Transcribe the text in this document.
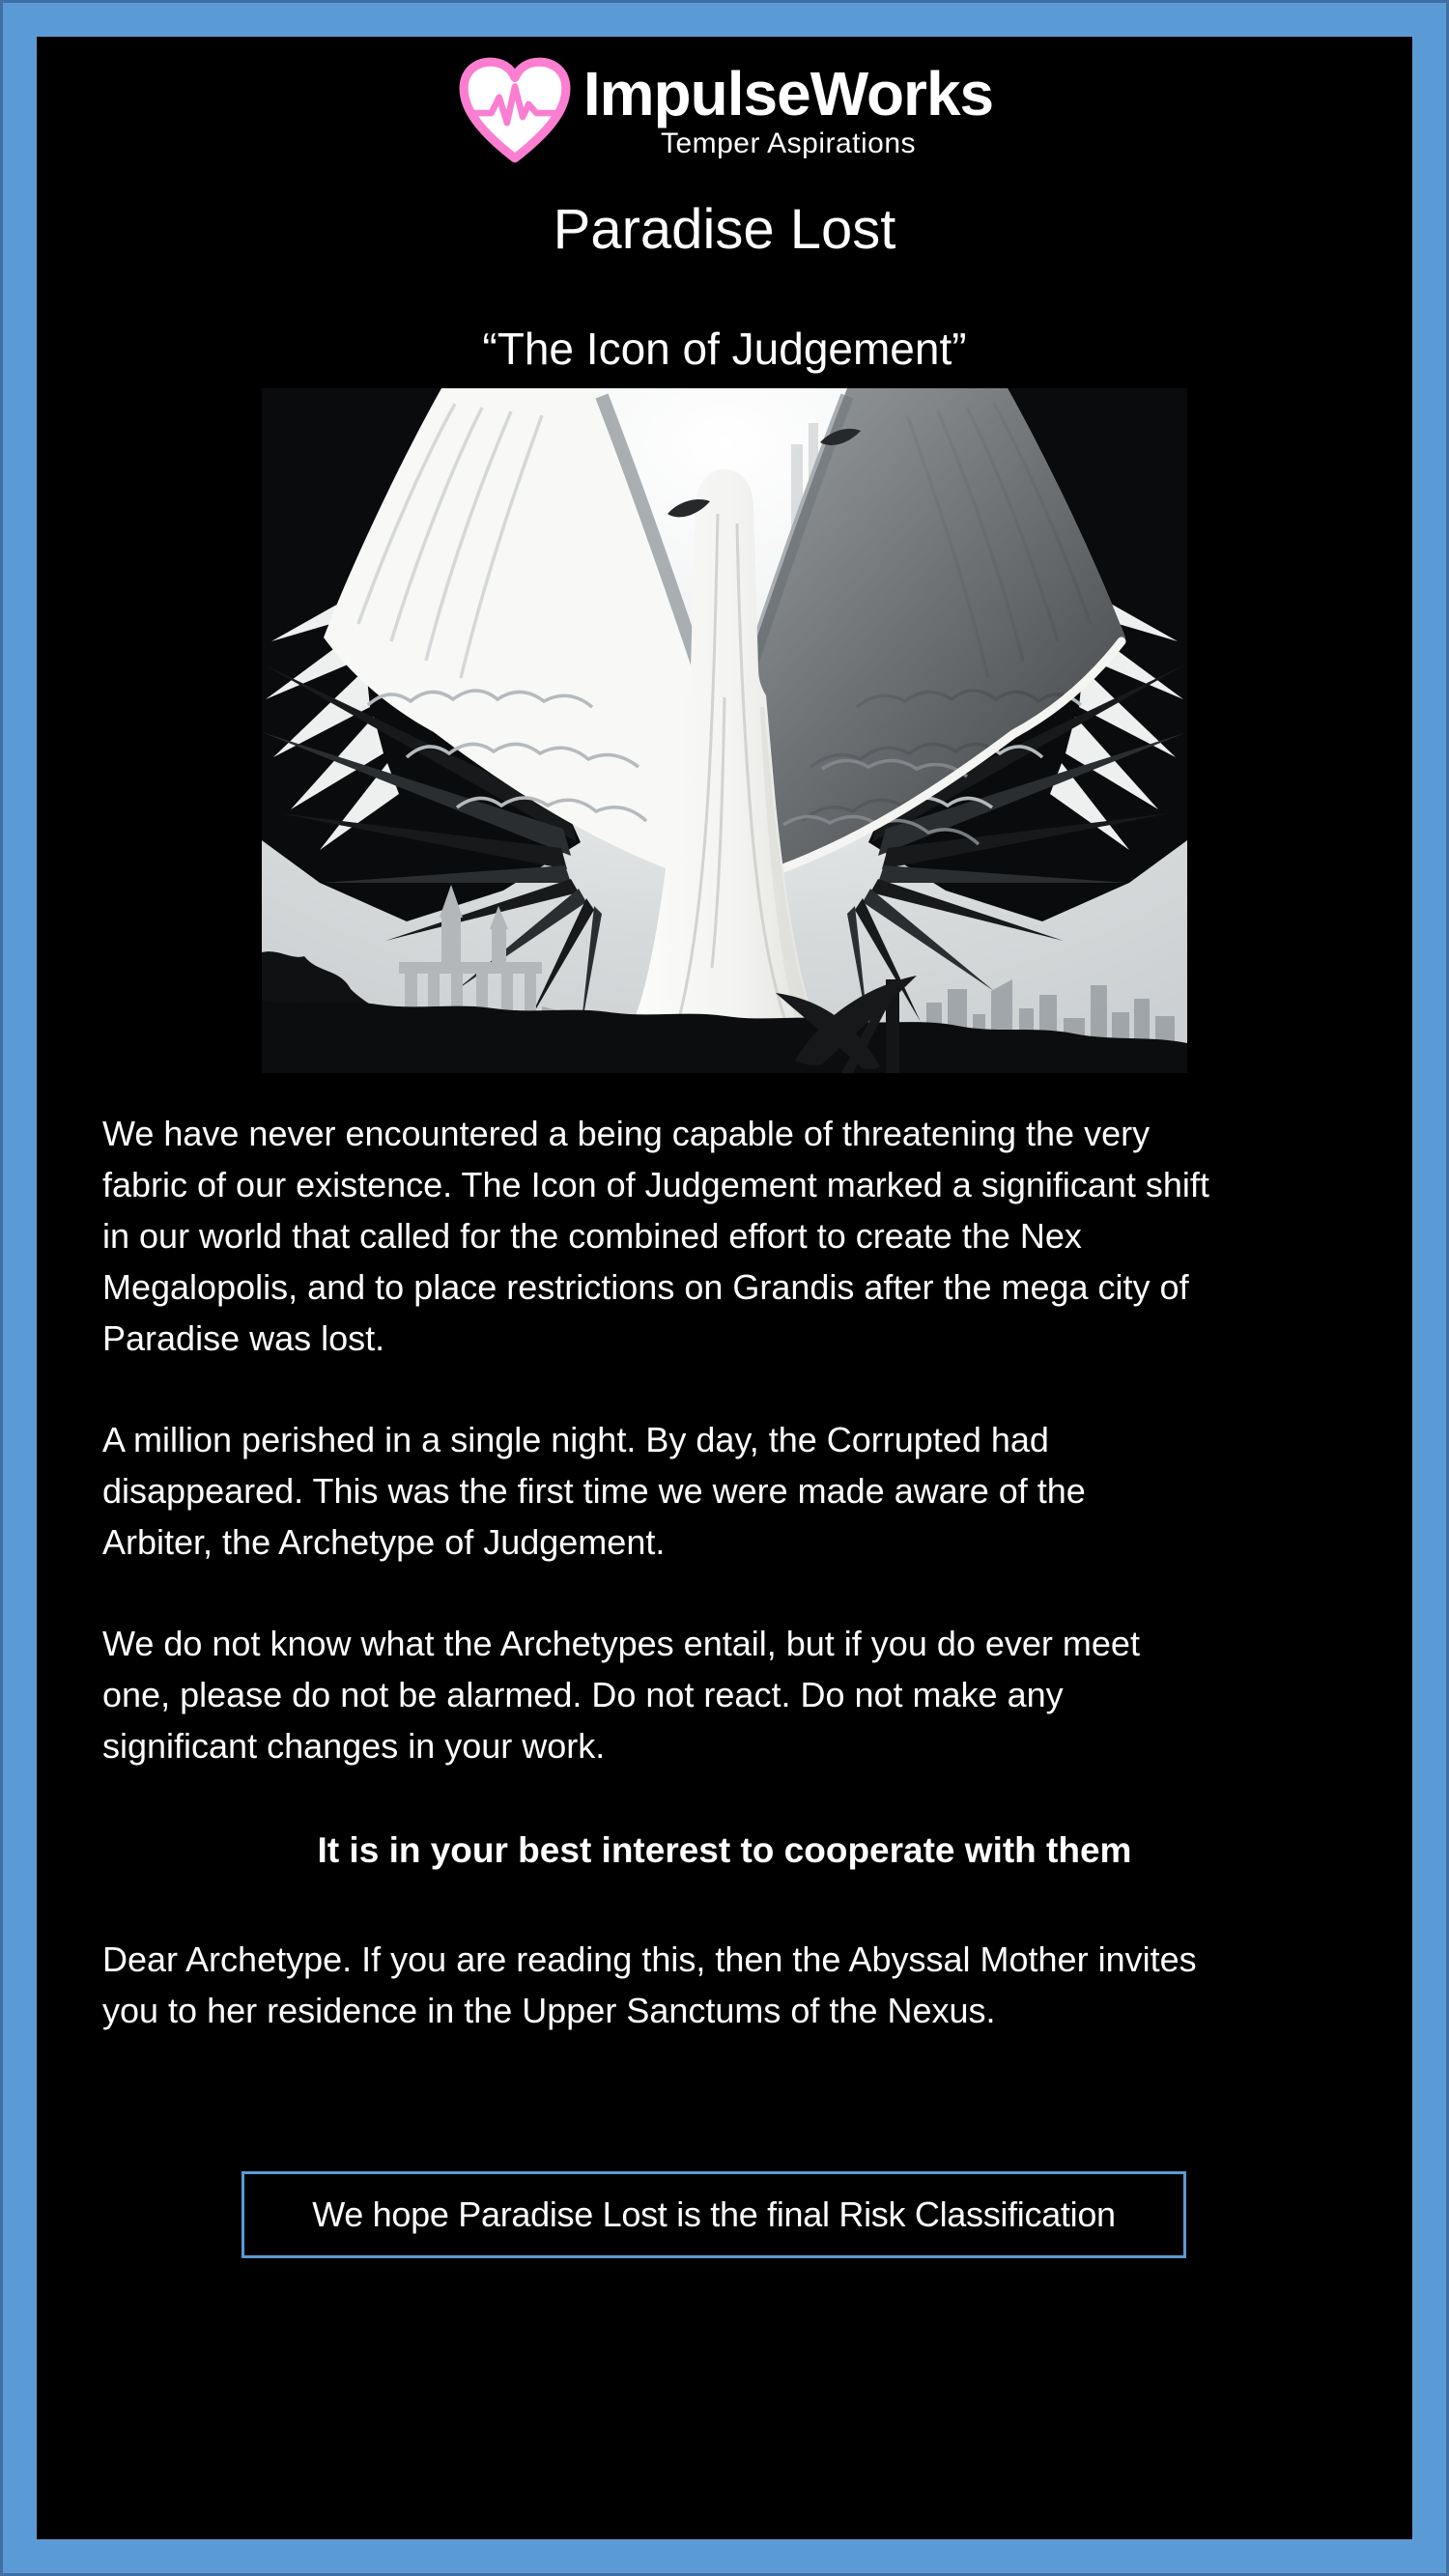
ImpulseWorks
Temper Aspirations
Paradise Lost
“The Icon of Judgement”
We have never encountered a being capable of threatening the very
fabric of our existence. The Icon of Judgement marked a significant shift
in our world that called for the combined effort to create the Nex
Megalopolis, and to place restrictions on Grandis after the mega city of
Paradise was lost.
A million perished in a single night. By day, the Corrupted had
disappeared. This was the first time we were made aware of the
Arbiter, the Archetype of Judgement.
We do not know what the Archetypes entail, but if you do ever meet
one, please do not be alarmed. Do not react. Do not make any
significant changes in your work.
It is in your best interest to cooperate with them
Dear Archetype. If you are reading this, then the Abyssal Mother invites
you to her residence in the Upper Sanctums of the Nexus.
We hope Paradise Lost is the final Risk Classification
